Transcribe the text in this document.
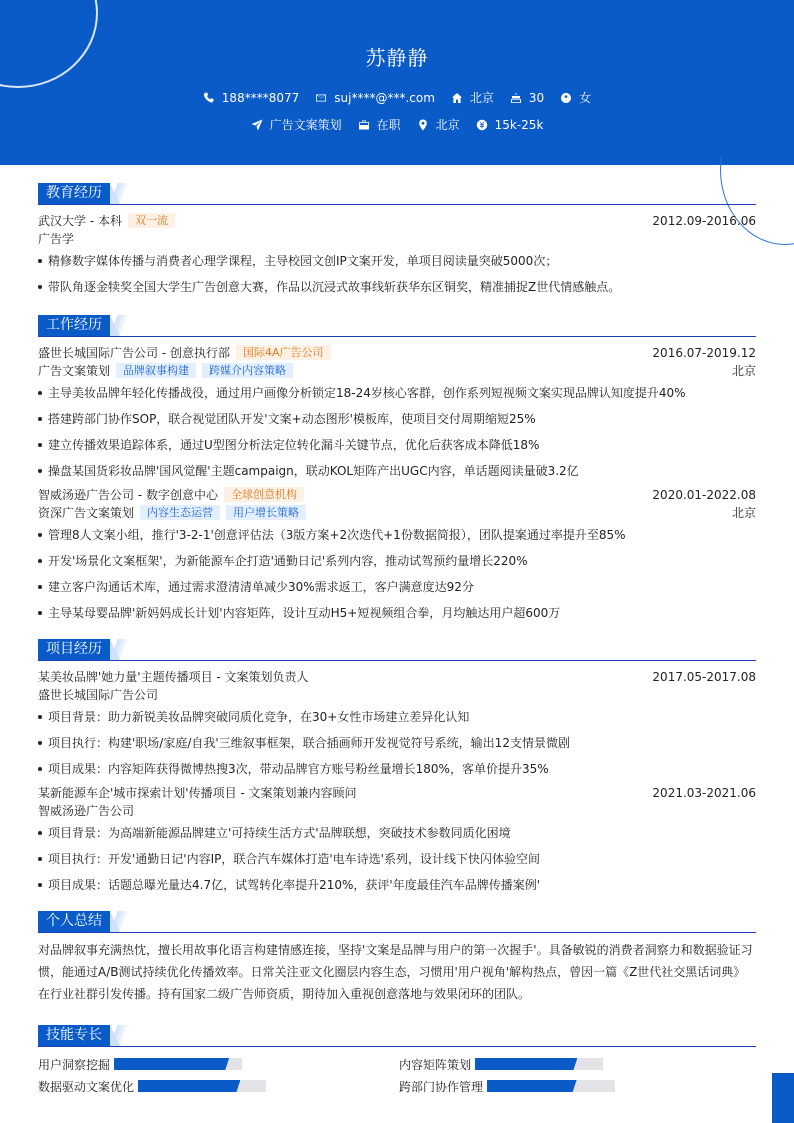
苏静静
188****8077	suj****@***.com	北京	30	女
广告文案策划	在职	北京	15k-25k
教育经历
武汉大学 - 本科 双一流	2012.09-2016.06
广告学
精修数字媒体传播与消费者心理学课程，主导校园文创IP文案开发，单项目阅读量突破5000次；
带队角逐金犊奖全国大学生广告创意大赛，作品以沉浸式故事线斩获华东区铜奖，精准捕捉Z世代情感触点。
工作经历
盛世长城国际广告公司 - 创意执行部 国际4A广告公司	2016.07-2019.12
广告文案策划 品牌叙事构建 跨媒介内容策略	北京
主导美妆品牌年轻化传播战役，通过用户画像分析锁定18-24岁核心客群，创作系列短视频文案实现品牌认知度提升40%
搭建跨部门协作SOP，联合视觉团队开发'文案+动态图形'模板库，使项目交付周期缩短25%
建立传播效果追踪体系，通过U型图分析法定位转化漏斗关键节点，优化后获客成本降低18%
操盘某国货彩妆品牌'国风觉醒'主题campaign，联动KOL矩阵产出UGC内容，单话题阅读量破3.2亿
智威汤逊广告公司 - 数字创意中心 全球创意机构	2020.01-2022.08
资深广告文案策划 内容生态运营 用户增长策略	北京
管理8人文案小组，推行'3-2-1'创意评估法（3版方案+2次迭代+1份数据简报），团队提案通过率提升至85%
开发'场景化文案框架'，为新能源车企打造'通勤日记'系列内容，推动试驾预约量增长220%
建立客户沟通话术库，通过需求澄清清单减少30%需求返工，客户满意度达92分
主导某母婴品牌'新妈妈成长计划'内容矩阵，设计互动H5+短视频组合拳，月均触达用户超600万
项目经历
某美妆品牌'她力量'主题传播项目 - 文案策划负责人	2017.05-2017.08
盛世长城国际广告公司
项目背景：助力新锐美妆品牌突破同质化竞争，在30+女性市场建立差异化认知
项目执行：构建'职场/家庭/自我'三维叙事框架，联合插画师开发视觉符号系统，输出12支情景微剧
项目成果：内容矩阵获得微博热搜3次，带动品牌官方账号粉丝量增长180%，客单价提升35%
某新能源车企'城市探索计划'传播项目 - 文案策划兼内容顾问	2021.03-2021.06
智威汤逊广告公司
项目背景：为高端新能源品牌建立'可持续生活方式'品牌联想，突破技术参数同质化困境
项目执行：开发'通勤日记'内容IP，联合汽车媒体打造'电车诗选'系列，设计线下快闪体验空间
项目成果：话题总曝光量达4.7亿，试驾转化率提升210%，获评'年度最佳汽车品牌传播案例'
个人总结
对品牌叙事充满热忱，擅长用故事化语言构建情感连接，坚持'文案是品牌与用户的第一次握手'。具备敏锐的消费者洞察力和数据验证习
惯，能通过A/B测试持续优化传播效率。日常关注亚文化圈层内容生态，习惯用'用户视角'解构热点，曾因一篇《Z世代社交黑话词典》
在行业社群引发传播。持有国家二级广告师资质，期待加入重视创意落地与效果闭环的团队。
技能专长
用户洞察挖掘	内容矩阵策划
数据驱动文案优化	跨部门协作管理
